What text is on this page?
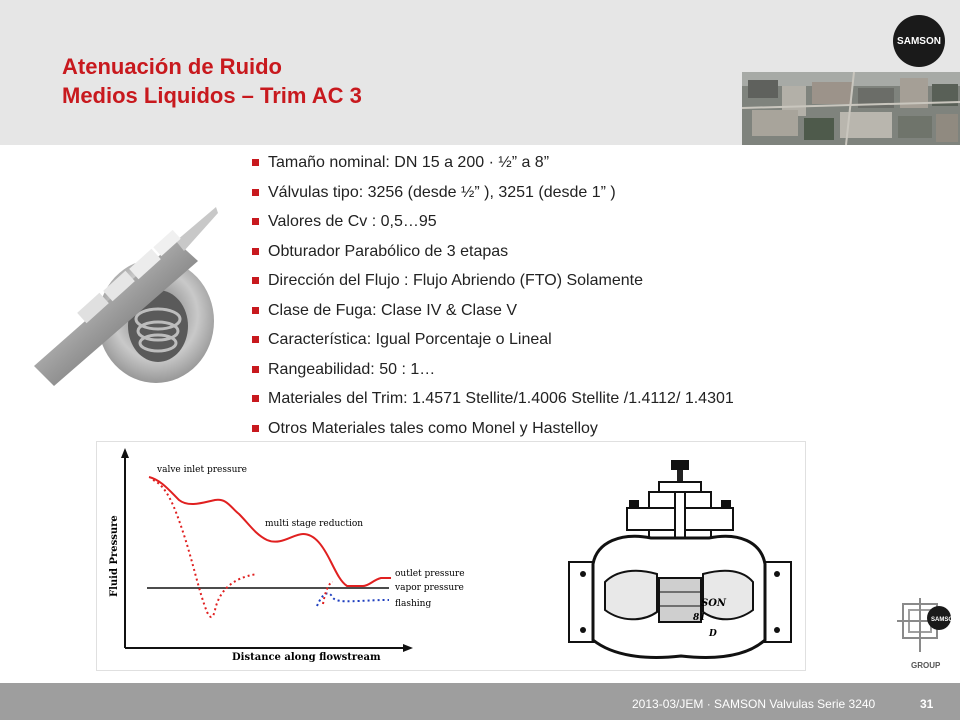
Atenuación de Ruido
Medios Liquidos – Trim AC 3
SAMSON
Tamaño nominal: DN 15 a 200 · ½” a 8”
Válvulas tipo: 3256 (desde ½” ), 3251 (desde 1” )
Valores de Cv : 0,5…95
Obturador Parabólico de 3 etapas
Dirección del Flujo : Flujo Abriendo (FTO) Solamente
Clase de Fuga: Clase IV & Clase V
Característica: Igual Porcentaje o Lineal
Rangeabilidad: 50 : 1…
Materiales del Trim: 1.4571 Stellite/1.4006 Stellite /1.4112/ 1.4301
Otros Materiales tales como Monel y Hastelloy
Fluid Pressure
Distance along flowstream
valve inlet pressure
multi stage reduction
outlet pressure
vapor pressure
flashing	SON
81
D
SAMSON
GROUP
2013-03/JEM · SAMSON Valvulas Serie 3240	31
